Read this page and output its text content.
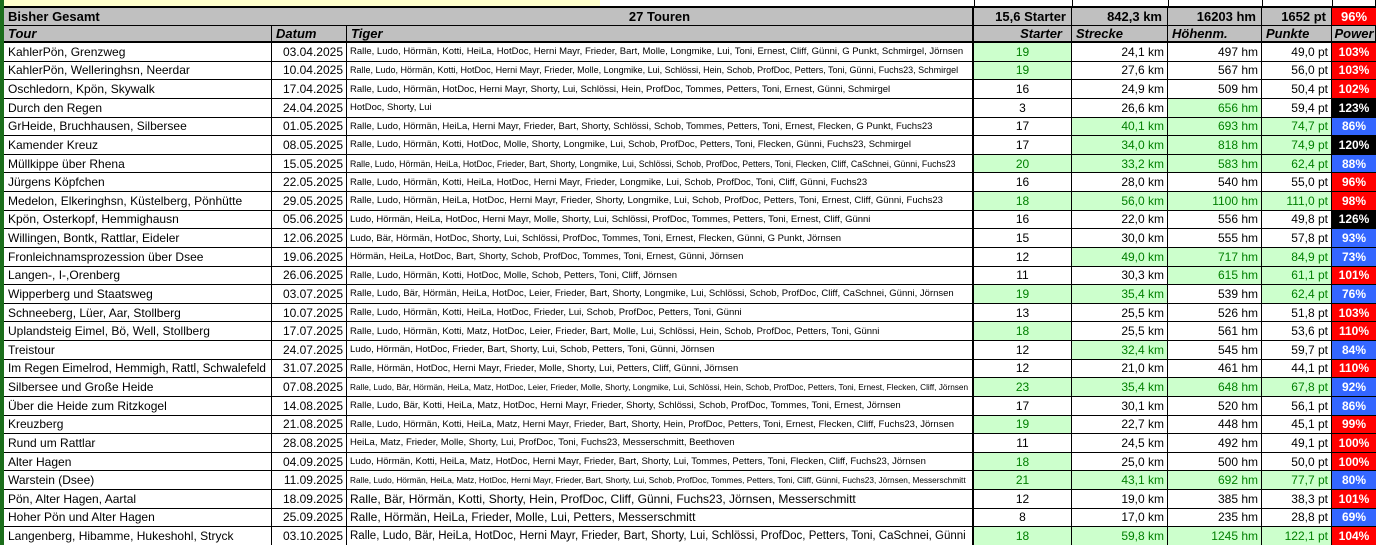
Bisher Gesamt	27 Touren	15,6 Starter	842,3 km	16203 hm 1652 pt 96%
Tour	Datum	Tiger	Starter Strecke	Höhenm.	Punkte Power
KahlerPön, Grenzweg	03.04.2025 Ralle, Ludo, Hörmän, Kotti, HeiLa, HotDoc, Herni Mayr, Frieder, Bart, Molle, Longmike, Lui, Toni, Ernest, Cliff, Günni, G Punkt, Schmirgel, Jörnsen	19	24,1 km	497 hm	49,0 pt 103%
KahlerPön, Welleringhsn, Neerdar	10.04.2025 Ralle, Ludo, Hörmän, Kotti, HotDoc, Herni Mayr, Frieder, Molle, Longmike, Lui, Schlössi, Hein, Schob, ProfDoc, Petters, Toni, Günni, Fuchs23, Schmirgel	19	27,6 km	567 hm	56,0 pt 103%
Oschledorn, Kpön, Skywalk	17.04.2025 Ralle, Ludo, Hörmän, HotDoc, Herni Mayr, Shorty, Lui, Schlössi, Hein, ProfDoc, Tommes, Petters, Toni, Ernest, Günni, Schmirgel	16	24,9 km	509 hm	50,4 pt 102%
Durch den Regen	24.04.2025 HotDoc, Shorty, Lui	3	26,6 km	656 hm	59,4 pt 123%
GrHeide, Bruchhausen, Silbersee	01.05.2025 Ralle, Ludo, Hörmän, HeiLa, Herni Mayr, Frieder, Bart, Shorty, Schlössi, Schob, Tommes, Petters, Toni, Ernest, Flecken, G Punkt, Fuchs23	17	40,1 km	693 hm	74,7 pt 86%
Kamender Kreuz	08.05.2025 Ralle, Ludo, Hörmän, Kotti, HotDoc, Molle, Shorty, Longmike, Lui, Schob, ProfDoc, Petters, Toni, Flecken, Günni, Fuchs23, Schmirgel	17	34,0 km	818 hm	74,9 pt 120%
Müllkippe über Rhena	15.05.2025 Ralle, Ludo, Hörmän, HeiLa, HotDoc, Frieder, Bart, Shorty, Longmike, Lui, Schlössi, Schob, ProfDoc, Petters, Toni, Flecken, Cliff, CaSchnei, Günni, Fuchs23	20	33,2 km	583 hm	62,4 pt 88%
Jürgens Köpfchen	22.05.2025 Ralle, Ludo, Hörmän, Kotti, HeiLa, HotDoc, Herni Mayr, Frieder, Longmike, Lui, Schob, ProfDoc, Toni, Cliff, Günni, Fuchs23	16	28,0 km	540 hm	55,0 pt 96%
Medelon, Elkeringhsn, Küstelberg, Pönhütte	29.05.2025 Ralle, Ludo, Hörmän, HeiLa, HotDoc, Herni Mayr, Frieder, Shorty, Longmike, Lui, Schob, ProfDoc, Petters, Toni, Ernest, Cliff, Günni, Fuchs23	18	56,0 km	1100 hm 111,0 pt 98%
Kpön, Osterkopf, Hemmighausn	05.06.2025 Ludo, Hörmän, HeiLa, HotDoc, Herni Mayr, Molle, Shorty, Lui, Schlössi, ProfDoc, Tommes, Petters, Toni, Ernest, Cliff, Günni	16	22,0 km	556 hm	49,8 pt 126%
Willingen, Bontk, Rattlar, Eideler	12.06.2025 Ludo, Bär, Hörmän, HotDoc, Shorty, Lui, Schlössi, ProfDoc, Tommes, Toni, Ernest, Flecken, Günni, G Punkt, Jörnsen	15	30,0 km	555 hm	57,8 pt 93%
Fronleichnamsprozession über Dsee	19.06.2025 Hörmän, HeiLa, HotDoc, Bart, Shorty, Schob, ProfDoc, Tommes, Toni, Ernest, Günni, Jörnsen	12	49,0 km	717 hm	84,9 pt 73%
Langen-, I-,Orenberg	26.06.2025 Ralle, Ludo, Hörmän, Kotti, HotDoc, Molle, Schob, Petters, Toni, Cliff, Jörnsen	11	30,3 km	615 hm	61,1 pt 101%
Wipperberg und Staatsweg	03.07.2025 Ralle, Ludo, Bär, Hörmän, HeiLa, HotDoc, Leier, Frieder, Bart, Shorty, Longmike, Lui, Schlössi, Schob, ProfDoc, Cliff, CaSchnei, Günni, Jörnsen	19	35,4 km	539 hm	62,4 pt 76%
Schneeberg, Lüer, Aar, Stollberg	10.07.2025 Ralle, Ludo, Hörmän, Kotti, HeiLa, HotDoc, Frieder, Lui, Schob, ProfDoc, Petters, Toni, Günni	13	25,5 km	526 hm	51,8 pt 103%
Uplandsteig Eimel, Bö, Well, Stollberg	17.07.2025 Ralle, Ludo, Hörmän, Kotti, Matz, HotDoc, Leier, Frieder, Bart, Molle, Lui, Schlössi, Hein, Schob, ProfDoc, Petters, Toni, Günni	18	25,5 km	561 hm	53,6 pt 110%
Treistour	24.07.2025 Ludo, Hörmän, HotDoc, Frieder, Bart, Shorty, Lui, Schob, Petters, Toni, Günni, Jörnsen	12	32,4 km	545 hm	59,7 pt 84%
Im Regen Eimelrod, Hemmigh, Rattl, Schwalefeld 31.07.2025 Ralle, Hörmän, HotDoc, Herni Mayr, Frieder, Molle, Shorty, Lui, Petters, Cliff, Günni, Jörnsen	12	21,0 km	461 hm	44,1 pt 110%
Silbersee und Große Heide	07.08.2025 Ralle, Ludo, Bär, Hörmän, HeiLa, Matz, HotDoc, Leier, Frieder, Molle, Shorty, Longmike, Lui, Schlössi, Hein, Schob, ProfDoc, Petters, Toni, Ernest, Flecken, Cliff, Jörnsen	23	35,4 km	648 hm	67,8 pt 92%
Über die Heide zum Ritzkogel	14.08.2025 Ralle, Ludo, Bär, Kotti, HeiLa, Matz, HotDoc, Herni Mayr, Frieder, Shorty, Schlössi, Schob, ProfDoc, Tommes, Toni, Ernest, Jörnsen	17	30,1 km	520 hm	56,1 pt 86%
Kreuzberg	21.08.2025 Ralle, Ludo, Hörmän, Kotti, HeiLa, Matz, Herni Mayr, Frieder, Bart, Shorty, Hein, ProfDoc, Petters, Toni, Ernest, Flecken, Cliff, Fuchs23, Jörnsen	19	22,7 km	448 hm	45,1 pt 99%
Rund um Rattlar	28.08.2025 HeiLa, Matz, Frieder, Molle, Shorty, Lui, ProfDoc, Toni, Fuchs23, Messerschmitt, Beethoven	11	24,5 km	492 hm	49,1 pt 100%
Alter Hagen	04.09.2025 Ludo, Hörmän, Kotti, HeiLa, Matz, HotDoc, Herni Mayr, Frieder, Bart, Shorty, Lui, Tommes, Petters, Toni, Flecken, Cliff, Fuchs23, Jörnsen	18	25,0 km	500 hm	50,0 pt 100%
Warstein (Dsee)	11.09.2025 Ralle, Ludo, Hörmän, HeiLa, Matz, HotDoc, Herni Mayr, Frieder, Bart, Shorty, Lui, Schob, ProfDoc, Tommes, Petters, Toni, Cliff, Günni, Fuchs23, Jörnsen, Messerschmitt	21	43,1 km	692 hm	77,7 pt 80%
Pön, Alter Hagen, Aartal	18.09.2025 Ralle, Bär, Hörmän, Kotti, Shorty, Hein, ProfDoc, Cliff, Günni, Fuchs23, Jörnsen, Messerschmitt	12	19,0 km	385 hm	38,3 pt 101%
Hoher Pön und Alter Hagen	25.09.2025 Ralle, Hörmän, HeiLa, Frieder, Molle, Lui, Petters, Messerschmitt	8	17,0 km	235 hm	28,8 pt 69%
Langenberg, Hibamme, Hukeshohl, Stryck	03.10.2025 Ralle, Ludo, Bär, HeiLa, HotDoc, Herni Mayr, Frieder, Bart, Shorty, Lui, Schlössi, ProfDoc, Petters, Toni, CaSchnei, Günni	18	59,8 km	1245 hm 122,1 pt 104%
